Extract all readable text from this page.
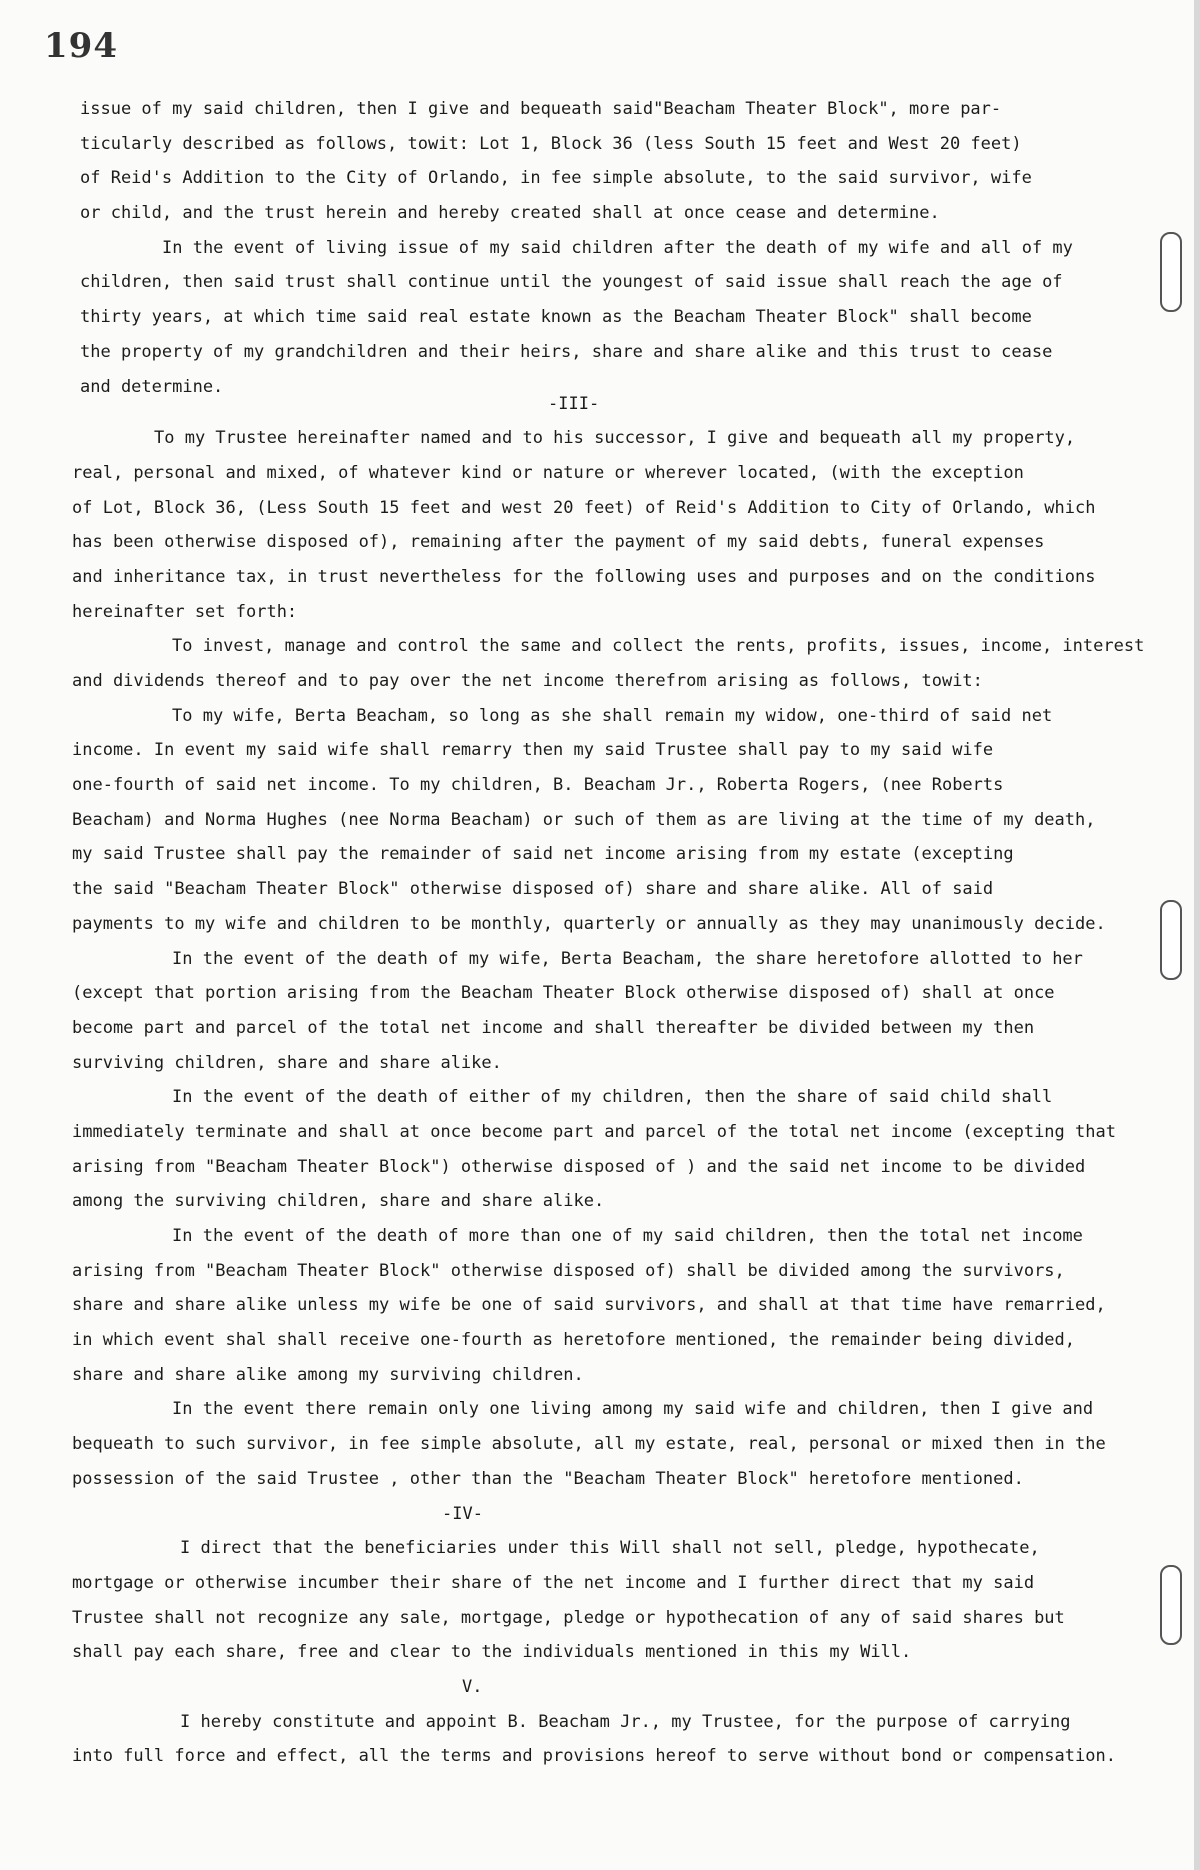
194
issue of my said children, then I give and bequeath said"Beacham Theater Block", more par-
ticularly described as follows, towit: Lot 1, Block 36 (less South 15 feet and West 20 feet)
of Reid's Addition to the City of Orlando, in fee simple absolute, to the said survivor, wife
or child, and the trust herein and hereby created shall at once cease and determine.
In the event of living issue of my said children after the death of my wife and all of my
children, then said trust shall continue until the youngest of said issue shall reach the age of
thirty years, at which time said real estate known as the Beacham Theater Block" shall become
the property of my grandchildren and their heirs, share and share alike and this trust to cease
and determine.
-III-
To my Trustee hereinafter named and to his successor, I give and bequeath all my property,
real, personal and mixed, of whatever kind or nature or wherever located, (with the exception
of Lot, Block 36, (Less South 15 feet and west 20 feet) of Reid's Addition to City of Orlando, which
has been otherwise disposed of), remaining after the payment of my said debts, funeral expenses
and inheritance tax, in trust nevertheless for the following uses and purposes and on the conditions
hereinafter set forth:
To invest, manage and control the same and collect the rents, profits, issues, income, interest
and dividends thereof and to pay over the net income therefrom arising as follows, towit:
To my wife, Berta Beacham, so long as she shall remain my widow, one-third of said net
income. In event my said wife shall remarry then my said Trustee shall pay to my said wife
one-fourth of said net income. To my children, B. Beacham Jr., Roberta Rogers, (nee Roberts
Beacham) and Norma Hughes (nee Norma Beacham) or such of them as are living at the time of my death,
my said Trustee shall pay the remainder of said net income arising from my estate (excepting
the said "Beacham Theater Block" otherwise disposed of) share and share alike. All of said
payments to my wife and children to be monthly, quarterly or annually as they may unanimously decide.
In the event of the death of my wife, Berta Beacham, the share heretofore allotted to her
(except that portion arising from the Beacham Theater Block otherwise disposed of) shall at once
become part and parcel of the total net income and shall thereafter be divided between my then
surviving children, share and share alike.
In the event of the death of either of my children, then the share of said child shall
immediately terminate and shall at once become part and parcel of the total net income (excepting that
arising from "Beacham Theater Block") otherwise disposed of ) and the said net income to be divided
among the surviving children, share and share alike.
In the event of the death of more than one of my said children, then the total net income
arising from "Beacham Theater Block" otherwise disposed of) shall be divided among the survivors,
share and share alike unless my wife be one of said survivors, and shall at that time have remarried,
in which event shal shall receive one-fourth as heretofore mentioned, the remainder being divided,
share and share alike among my surviving children.
In the event there remain only one living among my said wife and children, then I give and
bequeath to such survivor, in fee simple absolute, all my estate, real, personal or mixed then in the
possession of the said Trustee , other than the "Beacham Theater Block" heretofore mentioned.
-IV-
I direct that the beneficiaries under this Will shall not sell, pledge, hypothecate,
mortgage or otherwise incumber their share of the net income and I further direct that my said
Trustee shall not recognize any sale, mortgage, pledge or hypothecation of any of said shares but
shall pay each share, free and clear to the individuals mentioned in this my Will.
V.
I hereby constitute and appoint B. Beacham Jr., my Trustee, for the purpose of carrying
into full force and effect, all the terms and provisions hereof to serve without bond or compensation.
